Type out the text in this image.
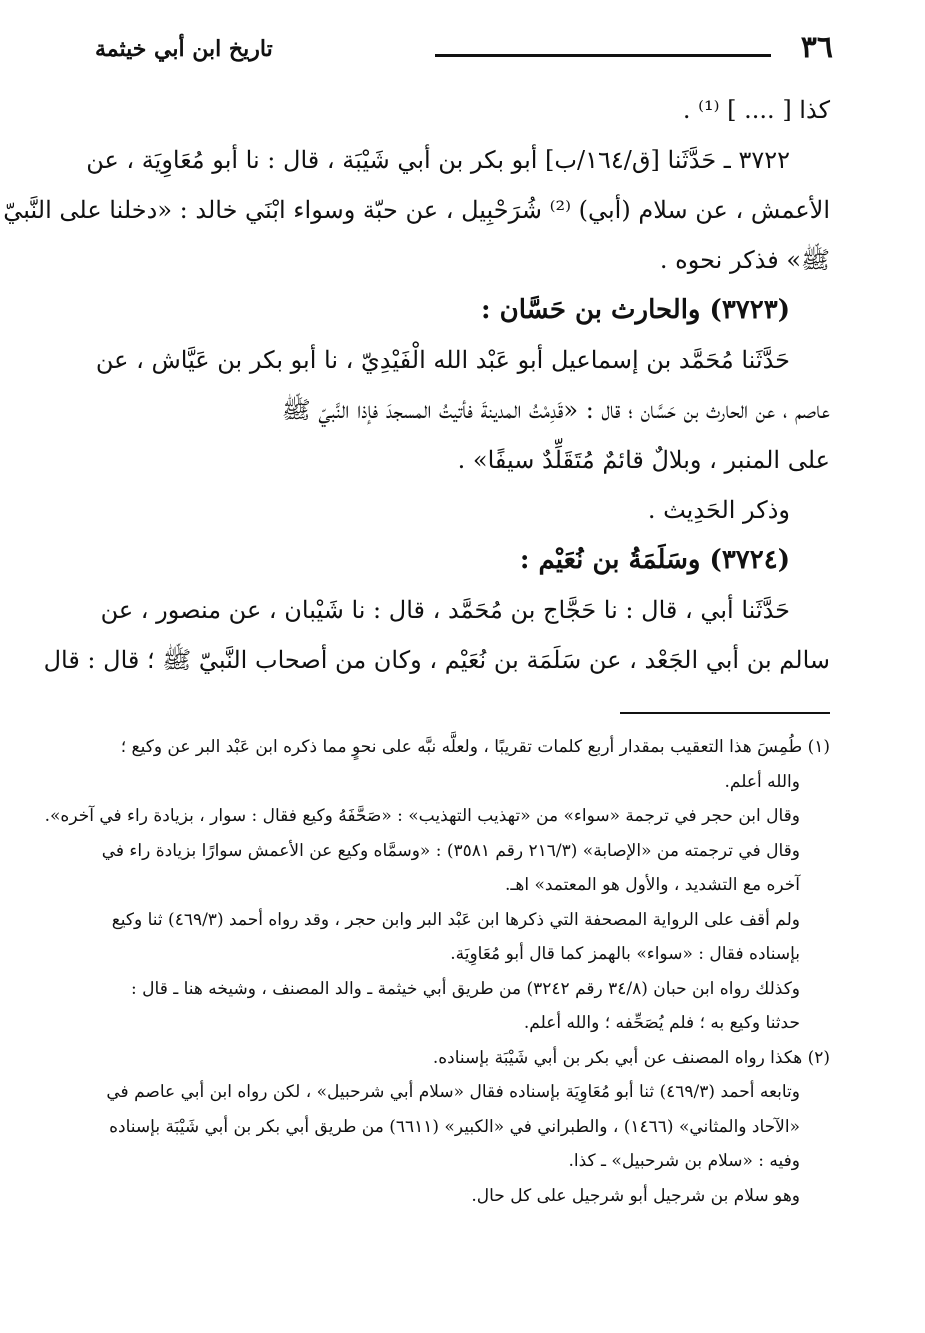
٣٦
تاريخ ابن أبي خيثمة
كذا [ .... ] ⁽¹⁾ .
٣٧٢٢ ـ حَدَّثَنا [ق/١٦٤/ب] أبو بكر بن أبي شَيْبَة ، قال : نا أبو مُعَاوِيَة ، عن
الأعمش ، عن سلام (أبي) ⁽²⁾ شُرَحْبِيل ، عن حبّة وسواء ابْنَي خالد : «دخلنا على النَّبيّ
ﷺ» فذكر نحوه .
(٣٧٢٣) والحارث بن حَسَّان :
حَدَّثَنا مُحَمَّد بن إسماعيل أبو عَبْد الله الْفَيْدِيّ ، نا أبو بكر بن عَيَّاش ، عن
عاصم ، عن الحارث بن حَسَّان ؛ قال : «قَدِمْتُ المدينةَ فأتيتُ المسجدَ فإذا النَّبيّ ﷺ
على المنبر ، وبلالٌ قائمٌ مُتَقَلِّدٌ سيفًا» .
وذكر الحَدِيث .
(٣٧٢٤) وسَلَمَةُ بن نُعَيْم :
حَدَّثَنا أبي ، قال : نا حَجَّاج بن مُحَمَّد ، قال : نا شَيْبان ، عن منصور ، عن
سالم بن أبي الجَعْد ، عن سَلَمَة بن نُعَيْم ، وكان من أصحاب النَّبيّ ﷺ ؛ قال : قال
(١) طُمِسَ هذا التعقيب بمقدار أربع كلمات تقريبًا ، ولعلَّه نبَّه على نحوٍ مما ذكره ابن عَبْد البر عن وكيع ؛
والله أعلم.
وقال ابن حجر في ترجمة «سواء» من «تهذيب التهذيب» : «صَحَّفَهُ وكيع فقال : سوار ، بزيادة راء في آخره».
وقال في ترجمته من «الإصابة» (٢١٦/٣ رقم ٣٥٨١) : «وسمَّاه وكيع عن الأعمش سوارًا بزيادة راء في
آخره مع التشديد ، والأول هو المعتمد» اهـ.
ولم أقف على الرواية المصحفة التي ذكرها ابن عَبْد البر وابن حجر ، وقد رواه أحمد (٤٦٩/٣) ثنا وكيع
بإسناده فقال : «سواء» بالهمز كما قال أبو مُعَاوِيَة.
وكذلك رواه ابن حبان (٣٤/٨ رقم ٣٢٤٢) من طريق أبي خيثمة ـ والد المصنف ، وشيخه هنا ـ قال :
حدثنا وكيع به ؛ فلم يُصَحِّفه ؛ والله أعلم.
(٢) هكذا رواه المصنف عن أبي بكر بن أبي شَيْبَة بإسناده.
وتابعه أحمد (٤٦٩/٣) ثنا أبو مُعَاوِيَة بإسناده فقال «سلام أبي شرحبيل» ، لكن رواه ابن أبي عاصم في
«الآحاد والمثاني» (١٤٦٦) ، والطبراني في «الكبير» (٦٦١١) من طريق أبي بكر بن أبي شَيْبَة بإسناده
وفيه : «سلام بن شرحبيل» ـ كذا.
وهو سلام بن شرجيل أبو شرجيل على كل حال.
